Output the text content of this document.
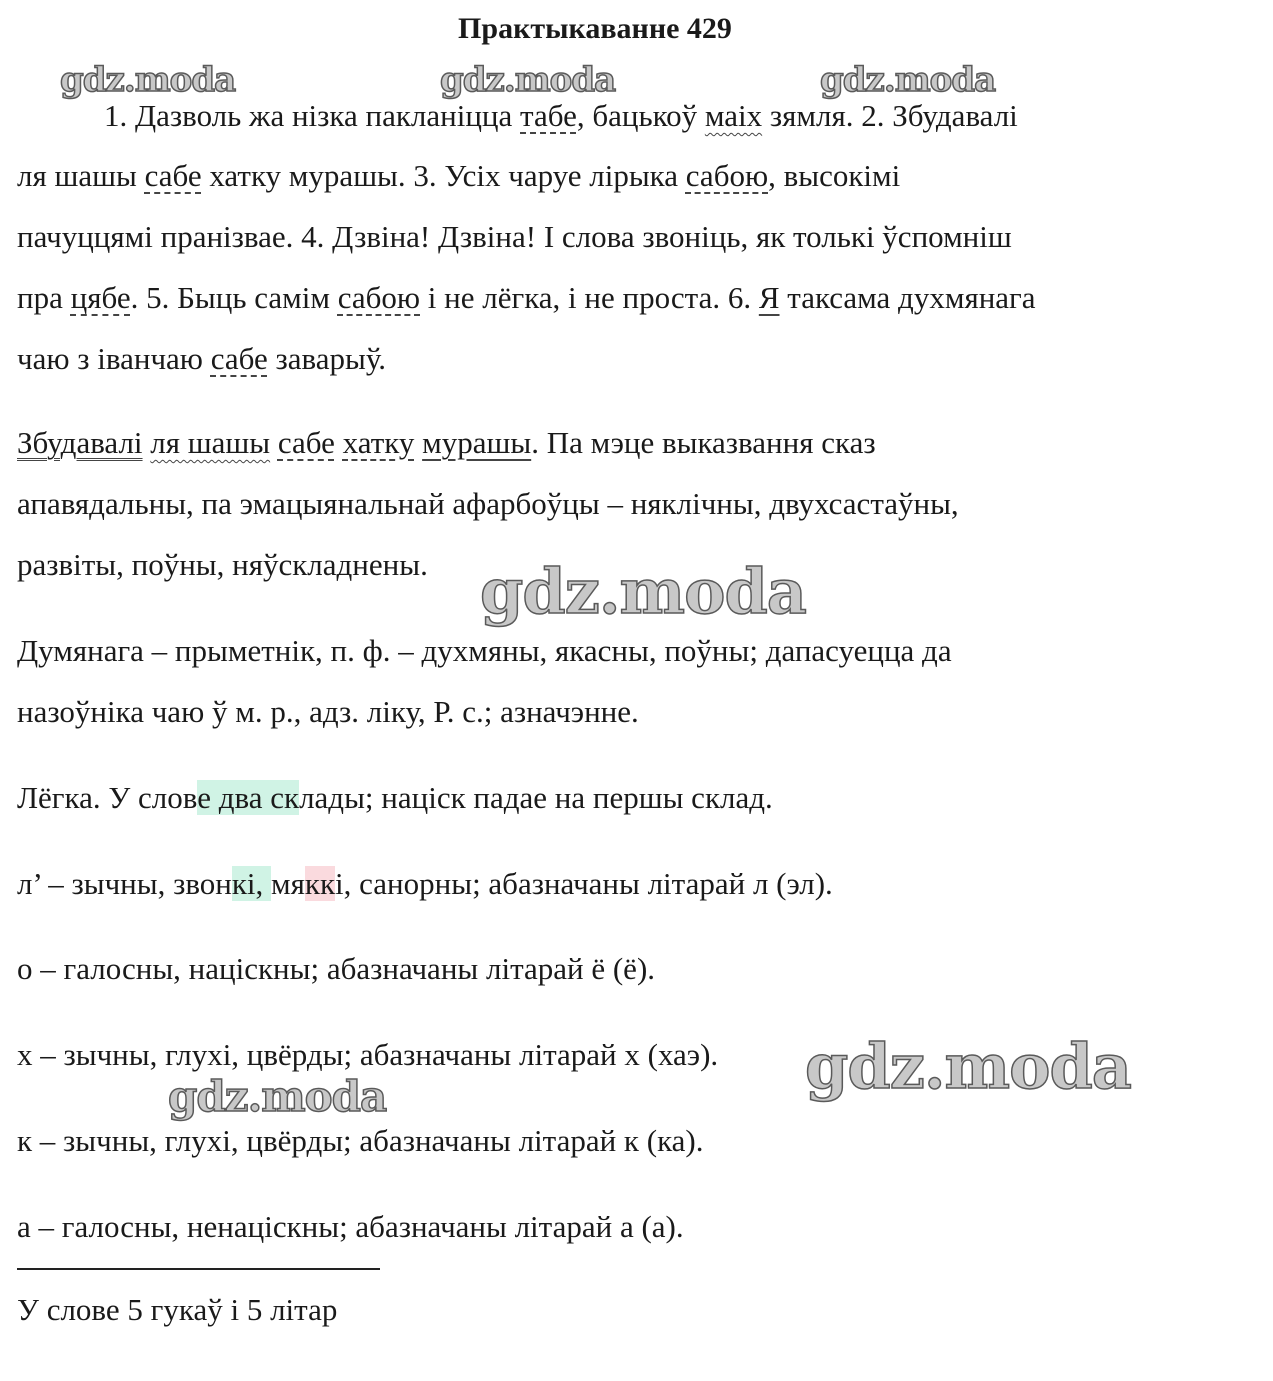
Практыкаванне 429
gdz.moda	gdz.moda	gdz.moda
1. Дазволь жа нізка пакланіцца табе, бацькоў маіх зямля. 2. Збудавалі
ля шашы сабе хатку мурашы. 3. Усіх чаруе лірыка сабою, высокімі
пачуццямі пранізвае. 4. Дзвіна! Дзвіна! І слова звоніць, як толькі ўспомніш
пра цябе. 5. Быць самім сабою і не лёгка, і не проста. 6. Я таксама духмянага
чаю з іванчаю сабе заварыў.
Збудавалі ля шашы сабе хатку мурашы. Па мэце выказвання сказ
апавядальны, па эмацыянальнай афарбоўцы – няклічны, двухсастаўны,
развіты, поўны, няўскладнены. gdz.moda
Думянага – прыметнік, п. ф. – духмяны, якасны, поўны; дапасуецца да
назоўніка чаю ў м. р., адз. ліку, Р. с.; азначэнне.
Лёгка. У слове два склады; націск падае на першы склад.
л’ – зычны, звонкі, мяккі, санорны; абазначаны літарай л (эл).
о – галосны, націскны; абазначаны літарай ё (ё).
х – зычны, глухі, цвёрды; абазначаны літарай х (хаэ). gdz.moda
gdz.moda
к – зычны, глухі, цвёрды; абазначаны літарай к (ка).
а – галосны, ненаціскны; абазначаны літарай а (а).
У слове 5 гукаў і 5 літар
